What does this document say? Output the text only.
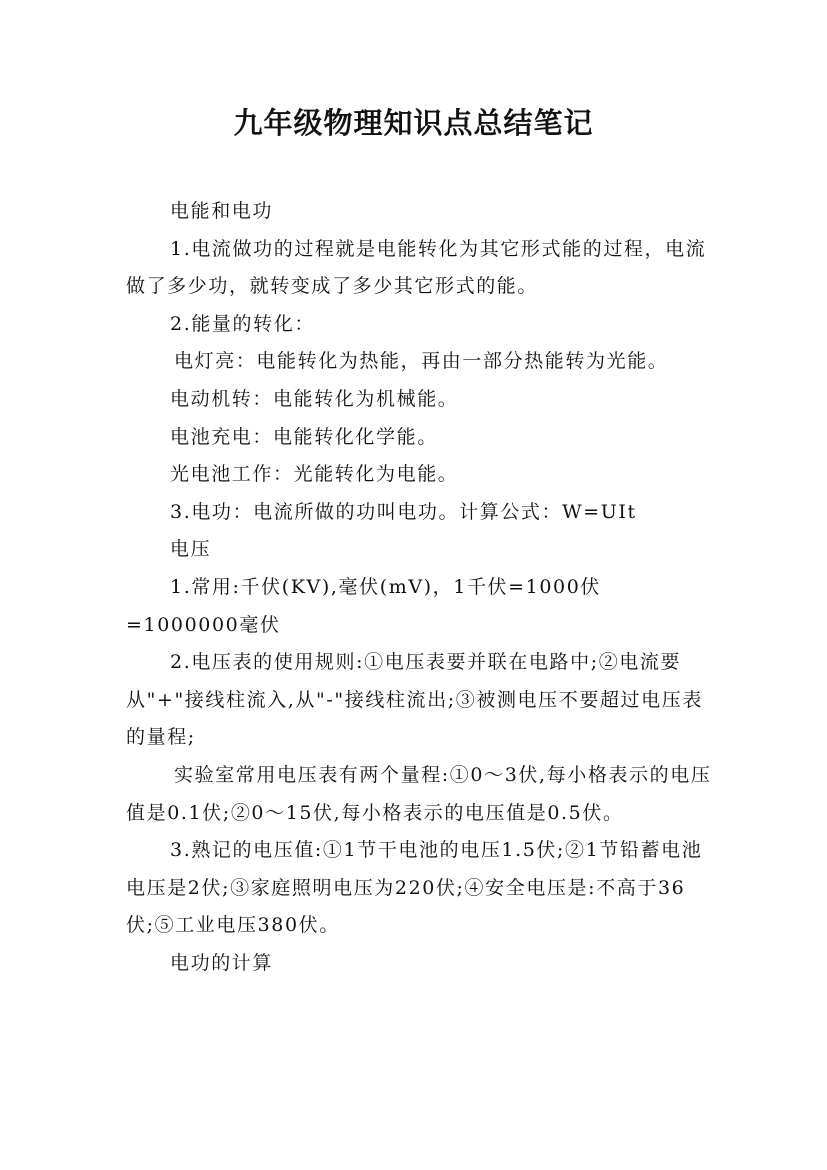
九年级物理知识点总结笔记

电能和电功

1.电流做功的过程就是电能转化为其它形式能的过程，电流做了多少功，就转变成了多少其它形式的能。

2.能量的转化：

电灯亮：电能转化为热能，再由一部分热能转为光能。

电动机转：电能转化为机械能。

电池充电：电能转化化学能。

光电池工作：光能转化为电能。

3.电功：电流所做的功叫电功。计算公式：W=UIt

电压

1.常用:千伏(KV),毫伏(mV)，1千伏=1000伏=1000000毫伏

2.电压表的使用规则:①电压表要并联在电路中;②电流要从"+"接线柱流入,从"-"接线柱流出;③被测电压不要超过电压表的量程;

实验室常用电压表有两个量程:①0～3伏,每小格表示的电压值是0.1伏;②0～15伏,每小格表示的电压值是0.5伏。

3.熟记的电压值:①1节干电池的电压1.5伏;②1节铅蓄电池电压是2伏;③家庭照明电压为220伏;④安全电压是:不高于36伏;⑤工业电压380伏。

电功的计算
